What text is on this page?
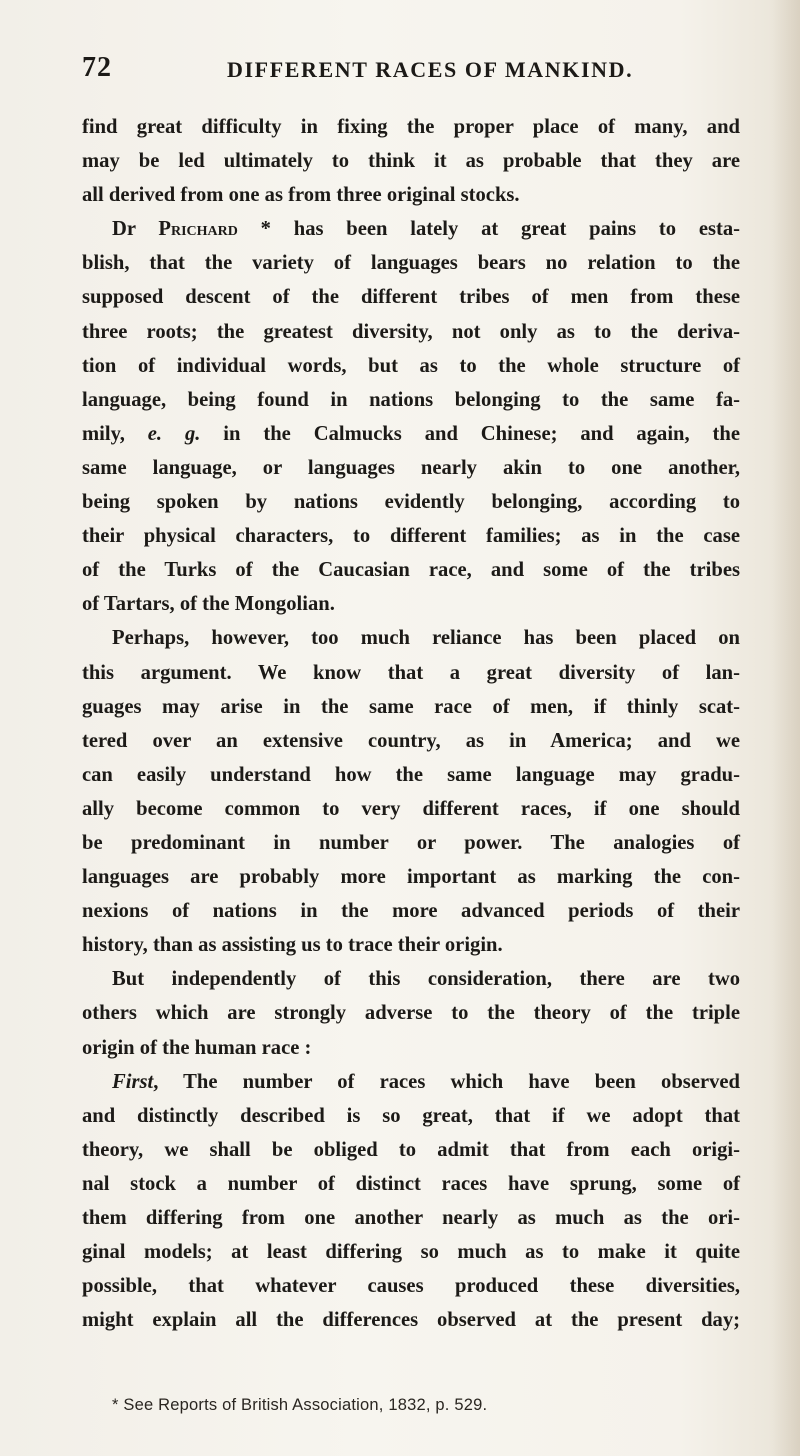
72	DIFFERENT RACES OF MANKIND.
find great difficulty in fixing the proper place of many, and
may be led ultimately to think it as probable that they are
all derived from one as from three original stocks.
Dr Prichard * has been lately at great pains to esta-
blish, that the variety of languages bears no relation to the
supposed descent of the different tribes of men from these
three roots; the greatest diversity, not only as to the deriva-
tion of individual words, but as to the whole structure of
language, being found in nations belonging to the same fa-
mily, e. g. in the Calmucks and Chinese; and again, the
same language, or languages nearly akin to one another,
being spoken by nations evidently belonging, according to
their physical characters, to different families; as in the case
of the Turks of the Caucasian race, and some of the tribes
of Tartars, of the Mongolian.
Perhaps, however, too much reliance has been placed on
this argument. We know that a great diversity of lan-
guages may arise in the same race of men, if thinly scat-
tered over an extensive country, as in America; and we
can easily understand how the same language may gradu-
ally become common to very different races, if one should
be predominant in number or power. The analogies of
languages are probably more important as marking the con-
nexions of nations in the more advanced periods of their
history, than as assisting us to trace their origin.
But independently of this consideration, there are two
others which are strongly adverse to the theory of the triple
origin of the human race :
First, The number of races which have been observed
and distinctly described is so great, that if we adopt that
theory, we shall be obliged to admit that from each origi-
nal stock a number of distinct races have sprung, some of
them differing from one another nearly as much as the ori-
ginal models; at least differing so much as to make it quite
possible, that whatever causes produced these diversities,
might explain all the differences observed at the present day;
* See Reports of British Association, 1832, p. 529.
